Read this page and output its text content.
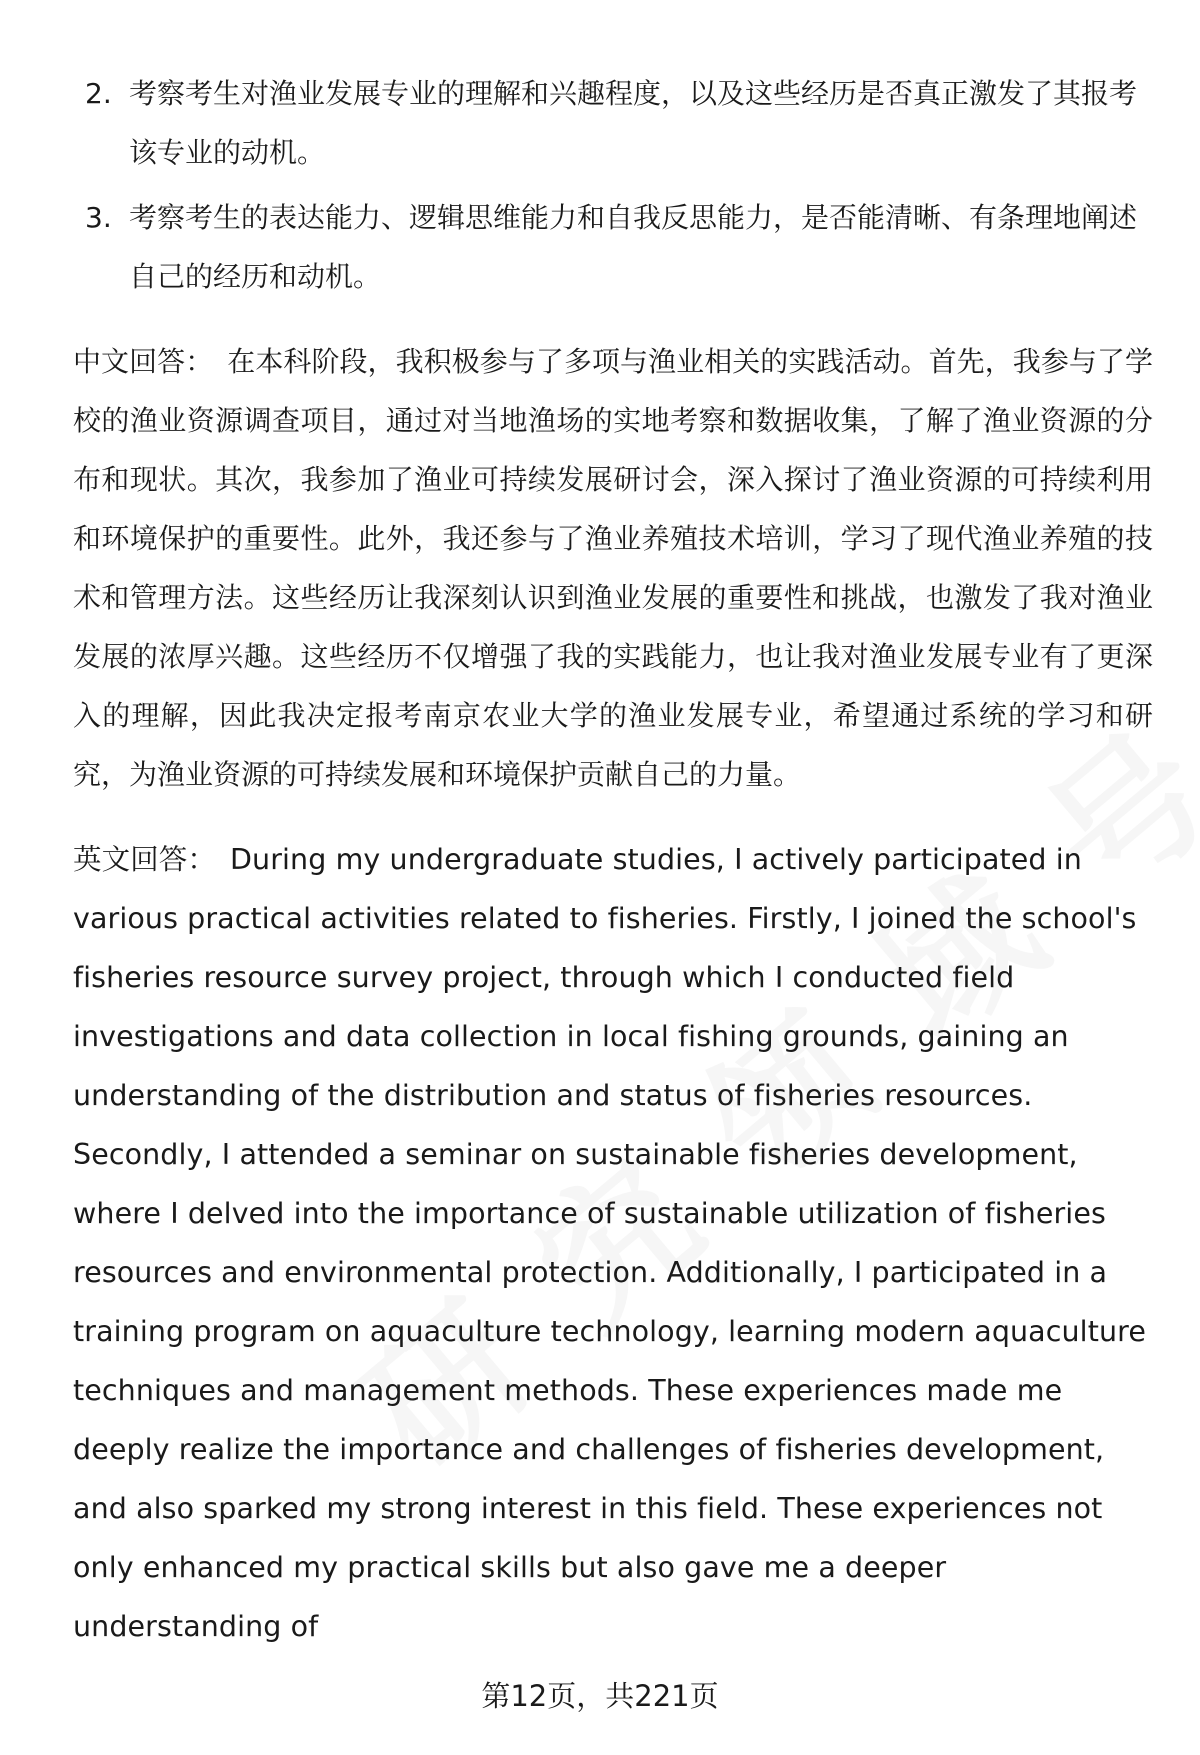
2. 考察考生对渔业发展专业的理解和兴趣程度，以及这些经历是否真正激发了其报考该专业的动机。
3. 考察考生的表达能力、逻辑思维能力和自我反思能力，是否能清晰、有条理地阐述自己的经历和动机。

中文回答： 在本科阶段，我积极参与了多项与渔业相关的实践活动。首先，我参与了学校的渔业资源调查项目，通过对当地渔场的实地考察和数据收集，了解了渔业资源的分布和现状。其次，我参加了渔业可持续发展研讨会，深入探讨了渔业资源的可持续利用和环境保护的重要性。此外，我还参与了渔业养殖技术培训，学习了现代渔业养殖的技术和管理方法。这些经历让我深刻认识到渔业发展的重要性和挑战，也激发了我对渔业发展的浓厚兴趣。这些经历不仅增强了我的实践能力，也让我对渔业发展专业有了更深入的理解，因此我决定报考南京农业大学的渔业发展专业，希望通过系统的学习和研究，为渔业资源的可持续发展和环境保护贡献自己的力量。

英文回答： During my undergraduate studies, I actively participated in various practical activities related to fisheries. Firstly, I joined the school's fisheries resource survey project, through which I conducted field investigations and data collection in local fishing grounds, gaining an understanding of the distribution and status of fisheries resources. Secondly, I attended a seminar on sustainable fisheries development, where I delved into the importance of sustainable utilization of fisheries resources and environmental protection. Additionally, I participated in a training program on aquaculture technology, learning modern aquaculture techniques and management methods. These experiences made me deeply realize the importance and challenges of fisheries development, and also sparked my strong interest in this field. These experiences not only enhanced my practical skills but also gave me a deeper understanding of

第12页，共221页
